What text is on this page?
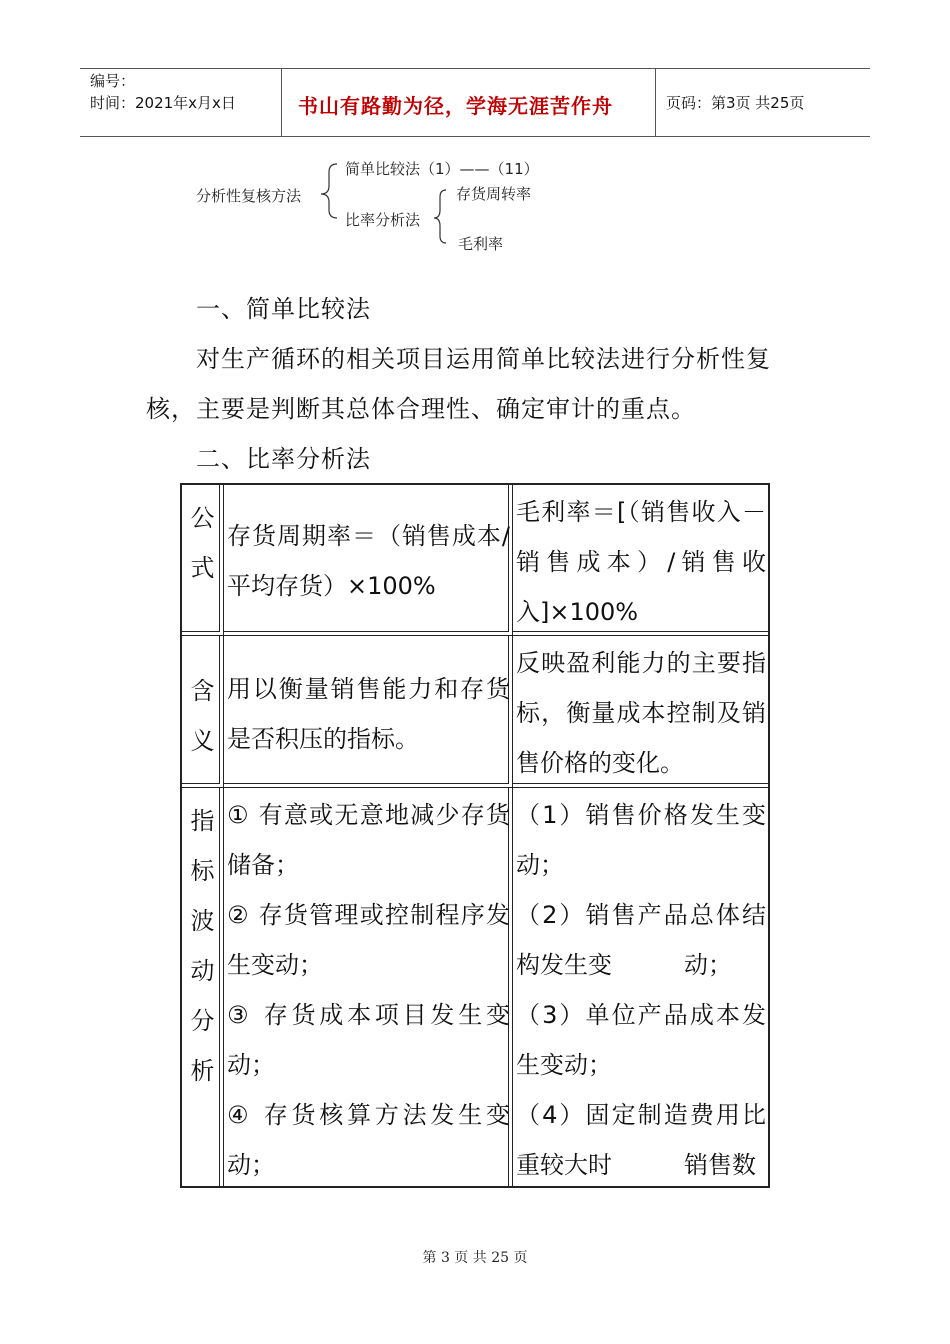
编号：
时间：2021年x月x日	书山有路勤为径，学海无涯苦作舟	页码：第3页 共25页
分析性复核方法
简单比较法（1）——（11）
比率分析法
存货周转率
毛利率
一、简单比较法
对生产循环的相关项目运用简单比较法进行分析性复
核，主要是判断其总体合理性、确定审计的重点。
二、比率分析法
公
式
存货周期率＝（销售成本/平均存货）×100%
毛利率＝[（销售收入－销售成本）/销售收入]×100%
含
义
用以衡量销售能力和存货是否积压的指标。
反映盈利能力的主要指标，衡量成本控制及销售价格的变化。
指
标
波
动
分
析
① 有意或无意地减少存货储备；
② 存货管理或控制程序发生变动；
③ 存货成本项目发生变动；
④ 存货核算方法发生变动；
（1）销售价格发生变动；
（2）销售产品总体结构发生变　　　动；
（3）单位产品成本发生变动；
（4）固定制造费用比重较大时　　　销售数
第 3 页 共 25 页
